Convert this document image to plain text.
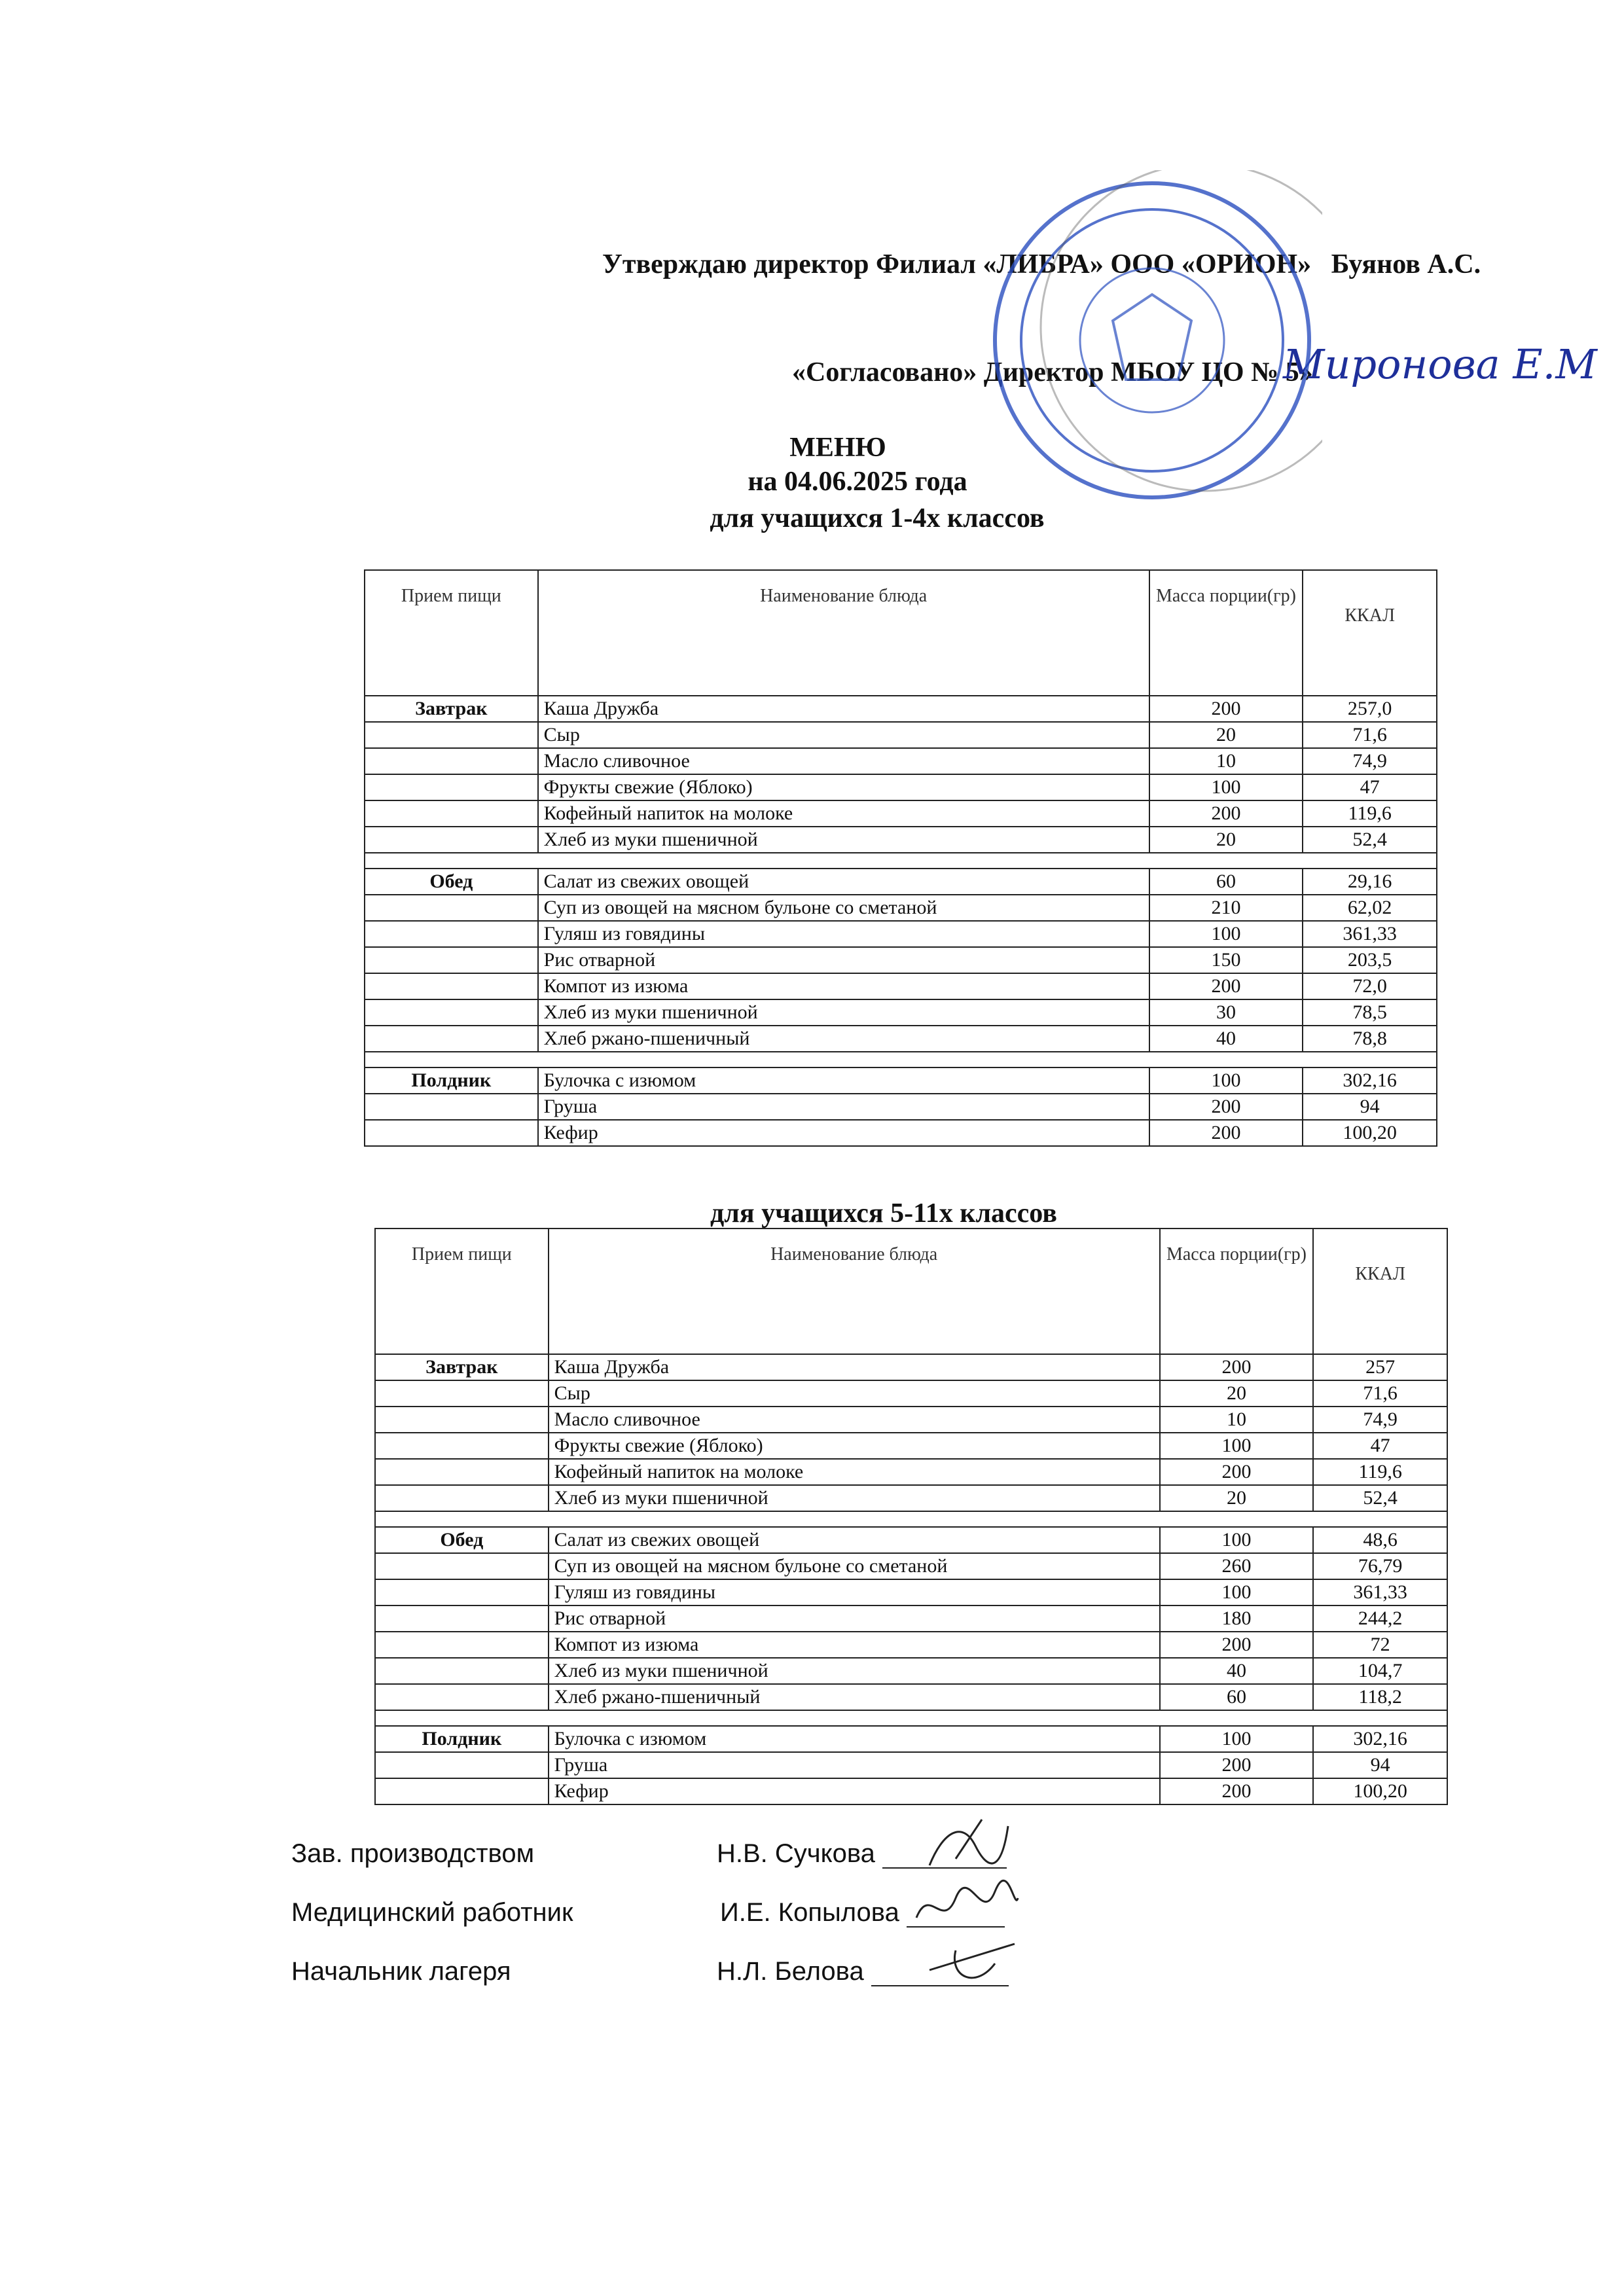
Утверждаю директор Филиал «ЛИБРА» ООО «ОРИОН» Буянов А.С.
«Согласовано» Директор МБОУ ЦО № 5»
Миронова Е.М
МЕНЮ
на 04.06.2025 года
для учащихся 1-4х классов
Прием пищи	Наименование блюда	Масса порции(гр)	ККАЛ
Завтрак	Каша Дружба	200	257,0
	Сыр	20	71,6
	Масло сливочное	10	74,9
	Фрукты свежие (Яблоко)	100	47
	Кофейный напиток на молоке	200	119,6
	Хлеб из муки пшеничной	20	52,4

Обед	Салат из свежих овощей	60	29,16
	Суп из овощей на мясном бульоне со сметаной	210	62,02
	Гуляш из говядины	100	361,33
	Рис отварной	150	203,5
	Компот из изюма	200	72,0
	Хлеб из муки пшеничной	30	78,5
	Хлеб ржано-пшеничный	40	78,8

Полдник	Булочка с изюмом	100	302,16
	Груша	200	94
	Кефир	200	100,20
для учащихся 5-11х классов
Прием пищи	Наименование блюда	Масса порции(гр)	ККАЛ
Завтрак	Каша Дружба	200	257
	Сыр	20	71,6
	Масло сливочное	10	74,9
	Фрукты свежие (Яблоко)	100	47
	Кофейный напиток на молоке	200	119,6
	Хлеб из муки пшеничной	20	52,4

Обед	Салат из свежих овощей	100	48,6
	Суп из овощей на мясном бульоне со сметаной	260	76,79
	Гуляш из говядины	100	361,33
	Рис отварной	180	244,2
	Компот из изюма	200	72
	Хлеб из муки пшеничной	40	104,7
	Хлеб ржано-пшеничный	60	118,2

Полдник	Булочка с изюмом	100	302,16
	Груша	200	94
	Кефир	200	100,20
Зав. производством	Н.В. Сучкова
Медицинский работник	И.Е. Копылова
Начальник лагеря	Н.Л. Белова
